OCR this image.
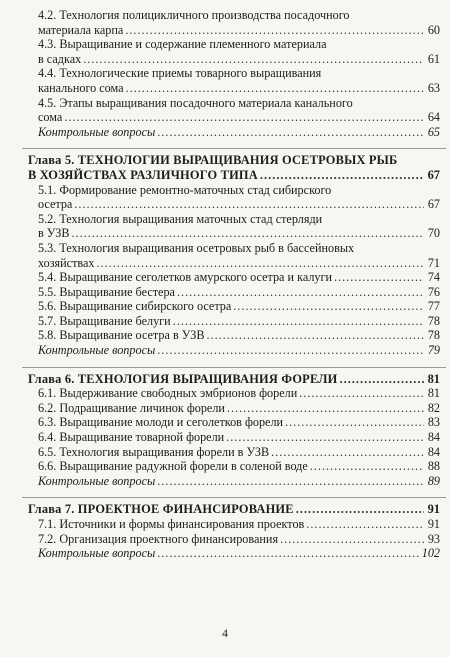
4.2. Технология полицикличного производства посадочного
материала карпа .....	60
4.3. Выращивание и содержание племенного материала
в садках .....	61
4.4. Технологические приемы товарного выращивания
канального сома .....	63
4.5. Этапы выращивания посадочного материала канального
сома .....	64
Контрольные вопросы .....	65
Глава 5. ТЕХНОЛОГИИ ВЫРАЩИВАНИЯ ОСЕТРОВЫХ РЫБ
В ХОЗЯЙСТВАХ РАЗЛИЧНОГО ТИПА .....	67
5.1. Формирование ремонтно-маточных стад сибирского
осетра .....	67
5.2. Технология выращивания маточных стад стерляди
в УЗВ .....	70
5.3. Технология выращивания осетровых рыб в бассейновых
хозяйствах .....	71
5.4. Выращивание сеголетков амурского осетра и калуги .....	74
5.5. Выращивание бестера .....	76
5.6. Выращивание сибирского осетра .....	77
5.7. Выращивание белуги .....	78
5.8. Выращивание осетра в УЗВ .....	78
Контрольные вопросы .....	79
Глава 6. ТЕХНОЛОГИЯ ВЫРАЩИВАНИЯ ФОРЕЛИ .....	81
6.1. Выдерживание свободных эмбрионов форели .....	81
6.2. Подращивание личинок форели .....	82
6.3. Выращивание молоди и сеголетков форели .....	83
6.4. Выращивание товарной форели .....	84
6.5. Технология выращивания форели в УЗВ .....	84
6.6. Выращивание радужной форели в соленой воде .....	88
Контрольные вопросы .....	89
Глава 7. ПРОЕКТНОЕ ФИНАНСИРОВАНИЕ .....	91
7.1. Источники и формы финансирования проектов .....	91
7.2. Организация проектного финансирования .....	93
Контрольные вопросы .....	102
4
